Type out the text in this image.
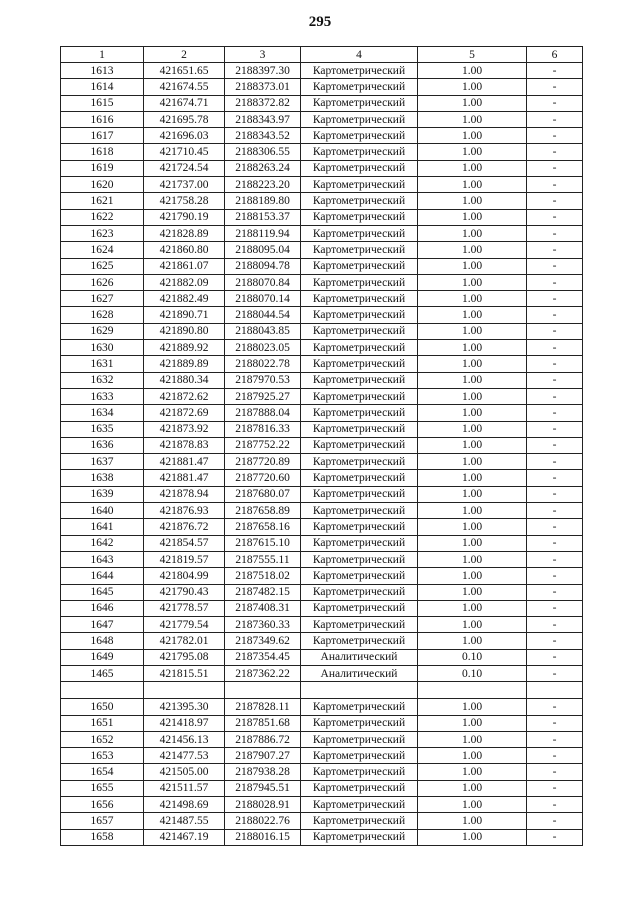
295
1	2	3	4	5	6
1613	421651.65	2188397.30	Картометрический	1.00	-
1614	421674.55	2188373.01	Картометрический	1.00	-
1615	421674.71	2188372.82	Картометрический	1.00	-
1616	421695.78	2188343.97	Картометрический	1.00	-
1617	421696.03	2188343.52	Картометрический	1.00	-
1618	421710.45	2188306.55	Картометрический	1.00	-
1619	421724.54	2188263.24	Картометрический	1.00	-
1620	421737.00	2188223.20	Картометрический	1.00	-
1621	421758.28	2188189.80	Картометрический	1.00	-
1622	421790.19	2188153.37	Картометрический	1.00	-
1623	421828.89	2188119.94	Картометрический	1.00	-
1624	421860.80	2188095.04	Картометрический	1.00	-
1625	421861.07	2188094.78	Картометрический	1.00	-
1626	421882.09	2188070.84	Картометрический	1.00	-
1627	421882.49	2188070.14	Картометрический	1.00	-
1628	421890.71	2188044.54	Картометрический	1.00	-
1629	421890.80	2188043.85	Картометрический	1.00	-
1630	421889.92	2188023.05	Картометрический	1.00	-
1631	421889.89	2188022.78	Картометрический	1.00	-
1632	421880.34	2187970.53	Картометрический	1.00	-
1633	421872.62	2187925.27	Картометрический	1.00	-
1634	421872.69	2187888.04	Картометрический	1.00	-
1635	421873.92	2187816.33	Картометрический	1.00	-
1636	421878.83	2187752.22	Картометрический	1.00	-
1637	421881.47	2187720.89	Картометрический	1.00	-
1638	421881.47	2187720.60	Картометрический	1.00	-
1639	421878.94	2187680.07	Картометрический	1.00	-
1640	421876.93	2187658.89	Картометрический	1.00	-
1641	421876.72	2187658.16	Картометрический	1.00	-
1642	421854.57	2187615.10	Картометрический	1.00	-
1643	421819.57	2187555.11	Картометрический	1.00	-
1644	421804.99	2187518.02	Картометрический	1.00	-
1645	421790.43	2187482.15	Картометрический	1.00	-
1646	421778.57	2187408.31	Картометрический	1.00	-
1647	421779.54	2187360.33	Картометрический	1.00	-
1648	421782.01	2187349.62	Картометрический	1.00	-
1649	421795.08	2187354.45	Аналитический	0.10	-
1465	421815.51	2187362.22	Аналитический	0.10	-

1650	421395.30	2187828.11	Картометрический	1.00	-
1651	421418.97	2187851.68	Картометрический	1.00	-
1652	421456.13	2187886.72	Картометрический	1.00	-
1653	421477.53	2187907.27	Картометрический	1.00	-
1654	421505.00	2187938.28	Картометрический	1.00	-
1655	421511.57	2187945.51	Картометрический	1.00	-
1656	421498.69	2188028.91	Картометрический	1.00	-
1657	421487.55	2188022.76	Картометрический	1.00	-
1658	421467.19	2188016.15	Картометрический	1.00	-
